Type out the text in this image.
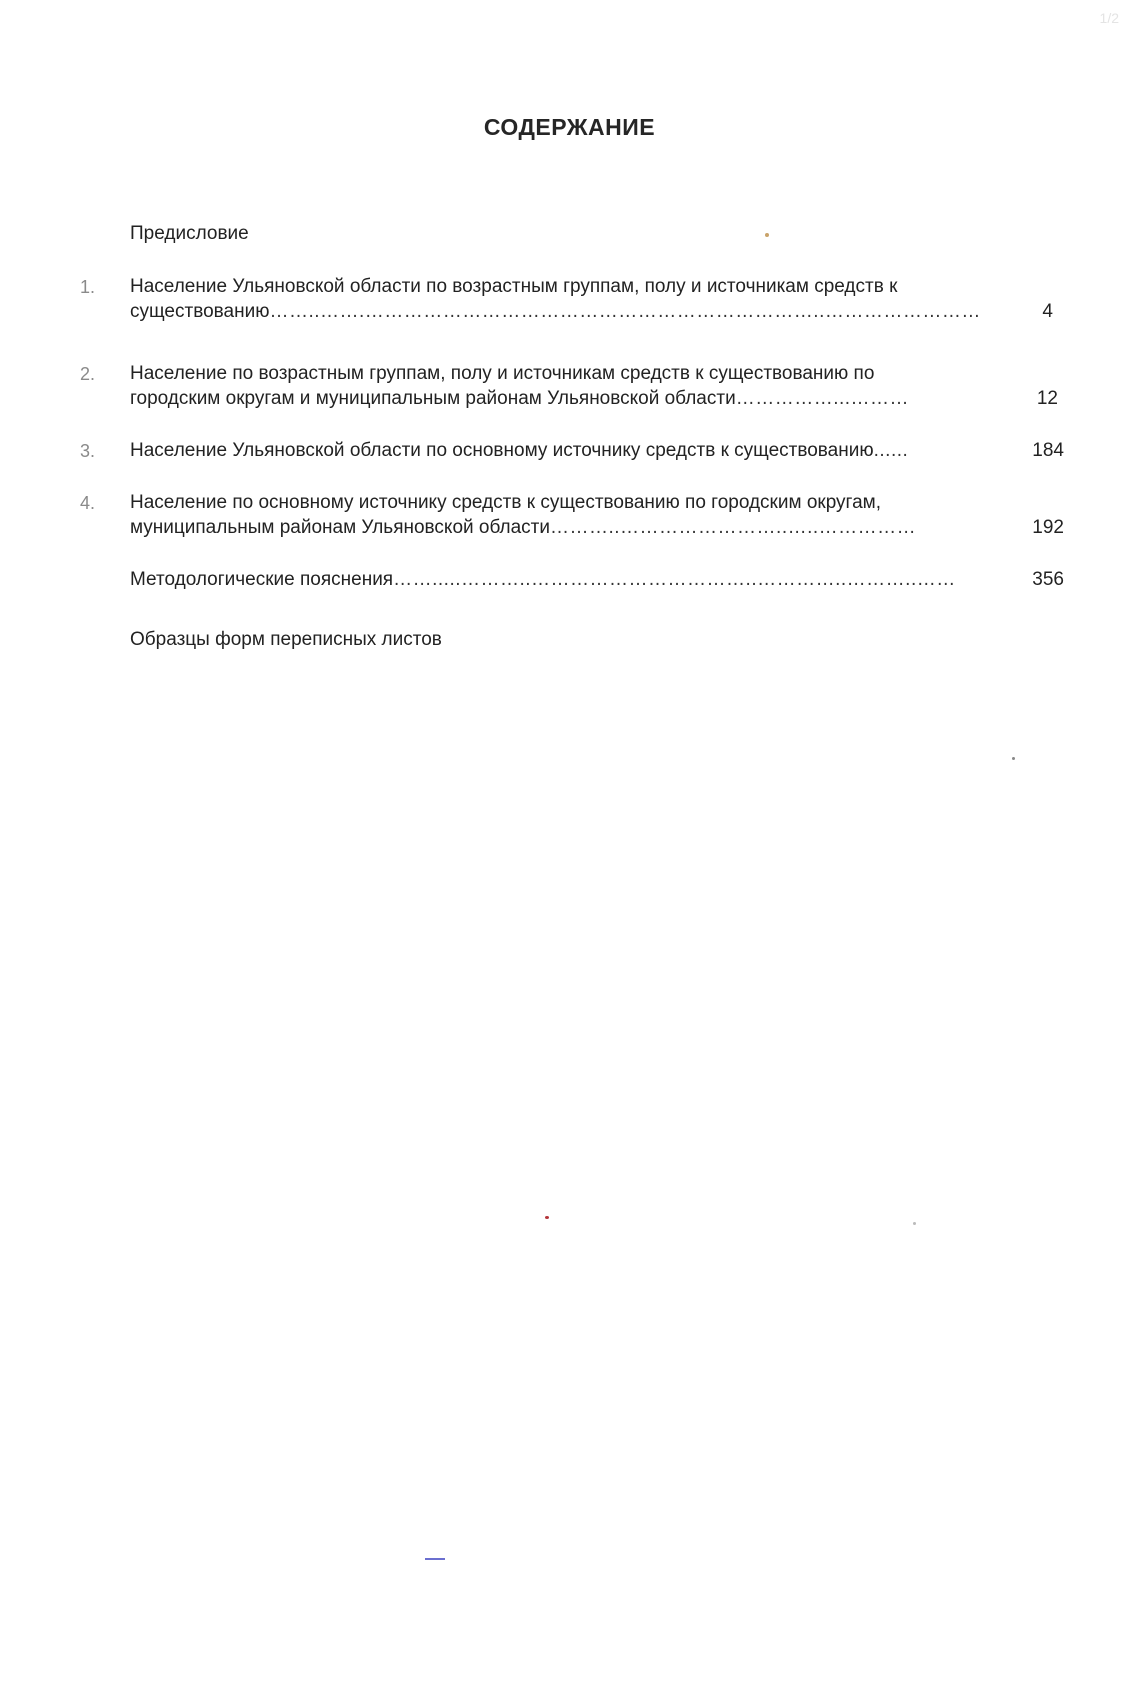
1/2
СОДЕРЖАНИЕ
Предисловие
1. Население Ульяновской области по возрастным группам, полу и источникам средств к
существованию……..…….……………………………………………………………..……………………	4
2. Население по возрастным группам, полу и источникам средств к существованию по
городским округам и муниципальным районам Ульяновской области……………...………	12
3. Население Ульяновской области по основному источнику средств к существованию......	184
4. Население по основному источнику средств к существованию по городским округам,
муниципальным районам Ульяновской области………..……………………..…..……………	192
Методологические пояснения…….....………..……………………………..…………..………..……	356
Образцы форм переписных листов
